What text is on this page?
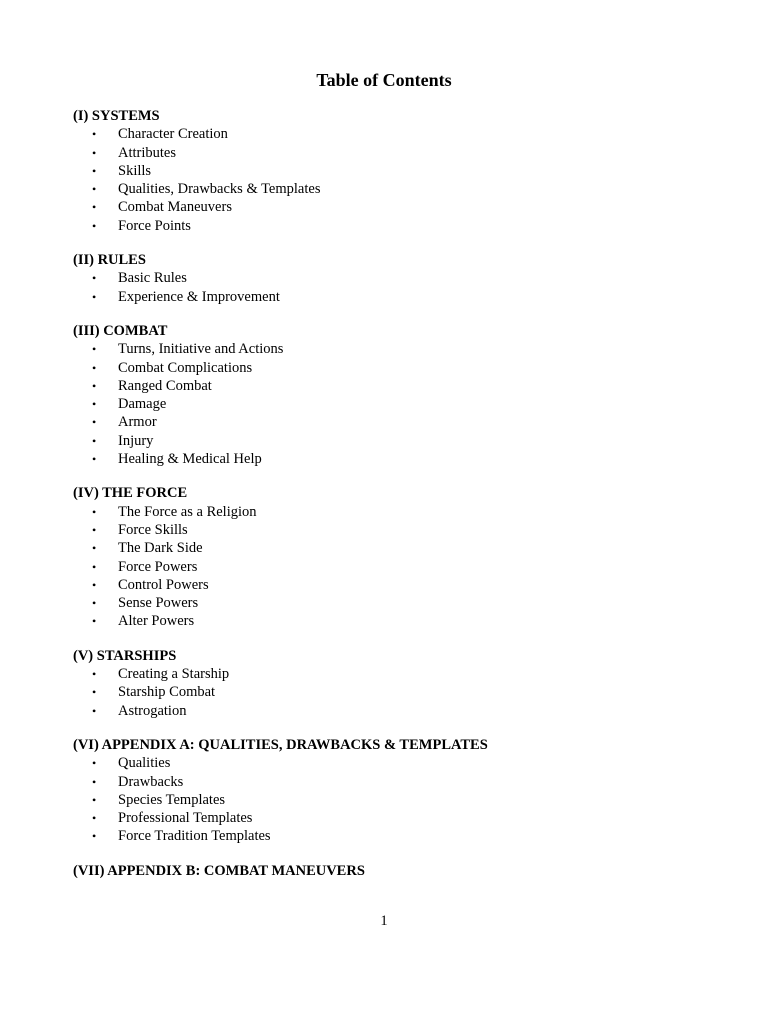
Table of Contents
(I) SYSTEMS
• Character Creation
• Attributes
• Skills
• Qualities, Drawbacks & Templates
• Combat Maneuvers
• Force Points
(II) RULES
• Basic Rules
• Experience & Improvement
(III) COMBAT
• Turns, Initiative and Actions
• Combat Complications
• Ranged Combat
• Damage
• Armor
• Injury
• Healing & Medical Help
(IV) THE FORCE
• The Force as a Religion
• Force Skills
• The Dark Side
• Force Powers
• Control Powers
• Sense Powers
• Alter Powers
(V) STARSHIPS
• Creating a Starship
• Starship Combat
• Astrogation
(VI) APPENDIX A: QUALITIES, DRAWBACKS & TEMPLATES
• Qualities
• Drawbacks
• Species Templates
• Professional Templates
• Force Tradition Templates
(VII) APPENDIX B: COMBAT MANEUVERS
1
